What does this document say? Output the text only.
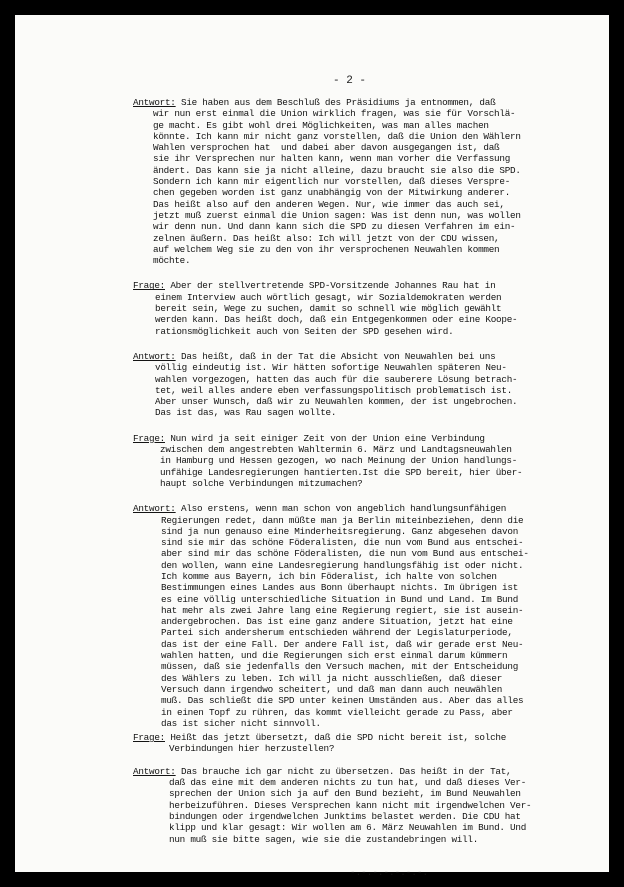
- 2 -
Antwort: Sie haben aus dem Beschluß des Präsidiums ja entnommen, daß
wir nun erst einmal die Union wirklich fragen, was sie für Vorschlä-
ge macht. Es gibt wohl drei Möglichkeiten, was man alles machen
könnte. Ich kann mir nicht ganz vorstellen, daß die Union den Wählern
Wahlen versprochen hat  und dabei aber davon ausgegangen ist, daß
sie ihr Versprechen nur halten kann, wenn man vorher die Verfassung
ändert. Das kann sie ja nicht alleine, dazu braucht sie also die SPD.
Sondern ich kann mir eigentlich nur vorstellen, daß dieses Verspre-
chen gegeben worden ist ganz unabhängig von der Mitwirkung anderer.
Das heißt also auf den anderen Wegen. Nur, wie immer das auch sei,
jetzt muß zuerst einmal die Union sagen: Was ist denn nun, was wollen
wir denn nun. Und dann kann sich die SPD zu diesen Verfahren im ein-
zelnen äußern. Das heißt also: Ich will jetzt von der CDU wissen,
auf welchem Weg sie zu den von ihr versprochenen Neuwahlen kommen
möchte.
Frage: Aber der stellvertretende SPD-Vorsitzende Johannes Rau hat in
einem Interview auch wörtlich gesagt, wir Sozialdemokraten werden
bereit sein, Wege zu suchen, damit so schnell wie möglich gewählt
werden kann. Das heißt doch, daß ein Entgegenkommen oder eine Koope-
rationsmöglichkeit auch von Seiten der SPD gesehen wird.
Antwort: Das heißt, daß in der Tat die Absicht von Neuwahlen bei uns
völlig eindeutig ist. Wir hätten sofortige Neuwahlen späteren Neu-
wahlen vorgezogen, hatten das auch für die sauberere Lösung betrach-
tet, weil alles andere eben verfassungspolitisch problematisch ist.
Aber unser Wunsch, daß wir zu Neuwahlen kommen, der ist ungebrochen.
Das ist das, was Rau sagen wollte.
Frage: Nun wird ja seit einiger Zeit von der Union eine Verbindung
zwischen dem angestrebten Wahltermin 6. März und Landtagsneuwahlen
in Hamburg und Hessen gezogen, wo nach Meinung der Union handlungs-
unfähige Landesregierungen hantierten.Ist die SPD bereit, hier über-
haupt solche Verbindungen mitzumachen?
Antwort: Also erstens, wenn man schon von angeblich handlungsunfähigen
Regierungen redet, dann müßte man ja Berlin miteinbeziehen, denn die
sind ja nun genauso eine Minderheitsregierung. Ganz abgesehen davon
sind sie mir das schöne Föderalisten, die nun vom Bund aus entschei-
aber sind mir das schöne Föderalisten, die nun vom Bund aus entschei-
den wollen, wann eine Landesregierung handlungsfähig ist oder nicht.
Ich komme aus Bayern, ich bin Föderalist, ich halte von solchen
Bestimmungen eines Landes aus Bonn überhaupt nichts. Im übrigen ist
es eine völlig unterschiedliche Situation in Bund und Land. Im Bund
hat mehr als zwei Jahre lang eine Regierung regiert, sie ist ausein-
andergebrochen. Das ist eine ganz andere Situation, jetzt hat eine
Partei sich andersherum entschieden während der Legislaturperiode,
das ist der eine Fall. Der andere Fall ist, daß wir gerade erst Neu-
wahlen hatten, und die Regierungen sich erst einmal darum kümmern
müssen, daß sie jedenfalls den Versuch machen, mit der Entscheidung
des Wählers zu leben. Ich will ja nicht ausschließen, daß dieser
Versuch dann irgendwo scheitert, und daß man dann auch neuwählen
muß. Das schließt die SPD unter keinen Umständen aus. Aber das alles
in einen Topf zu rühren, das kommt vielleicht gerade zu Pass, aber
das ist sicher nicht sinnvoll.
Frage: Heißt das jetzt übersetzt, daß die SPD nicht bereit ist, solche
Verbindungen hier herzustellen?
Antwort: Das brauche ich gar nicht zu übersetzen. Das heißt in der Tat,
daß das eine mit dem anderen nichts zu tun hat, und daß dieses Ver-
sprechen der Union sich ja auf den Bund bezieht, im Bund Neuwahlen
herbeizuführen. Dieses Versprechen kann nicht mit irgendwelchen Ver-
bindungen oder irgendwelchen Junktims belastet werden. Die CDU hat
klipp und klar gesagt: Wir wollen am 6. März Neuwahlen im Bund. Und
nun muß sie bitte sagen, wie sie die zustandebringen will.
-.-.-.-.-.-.-.
